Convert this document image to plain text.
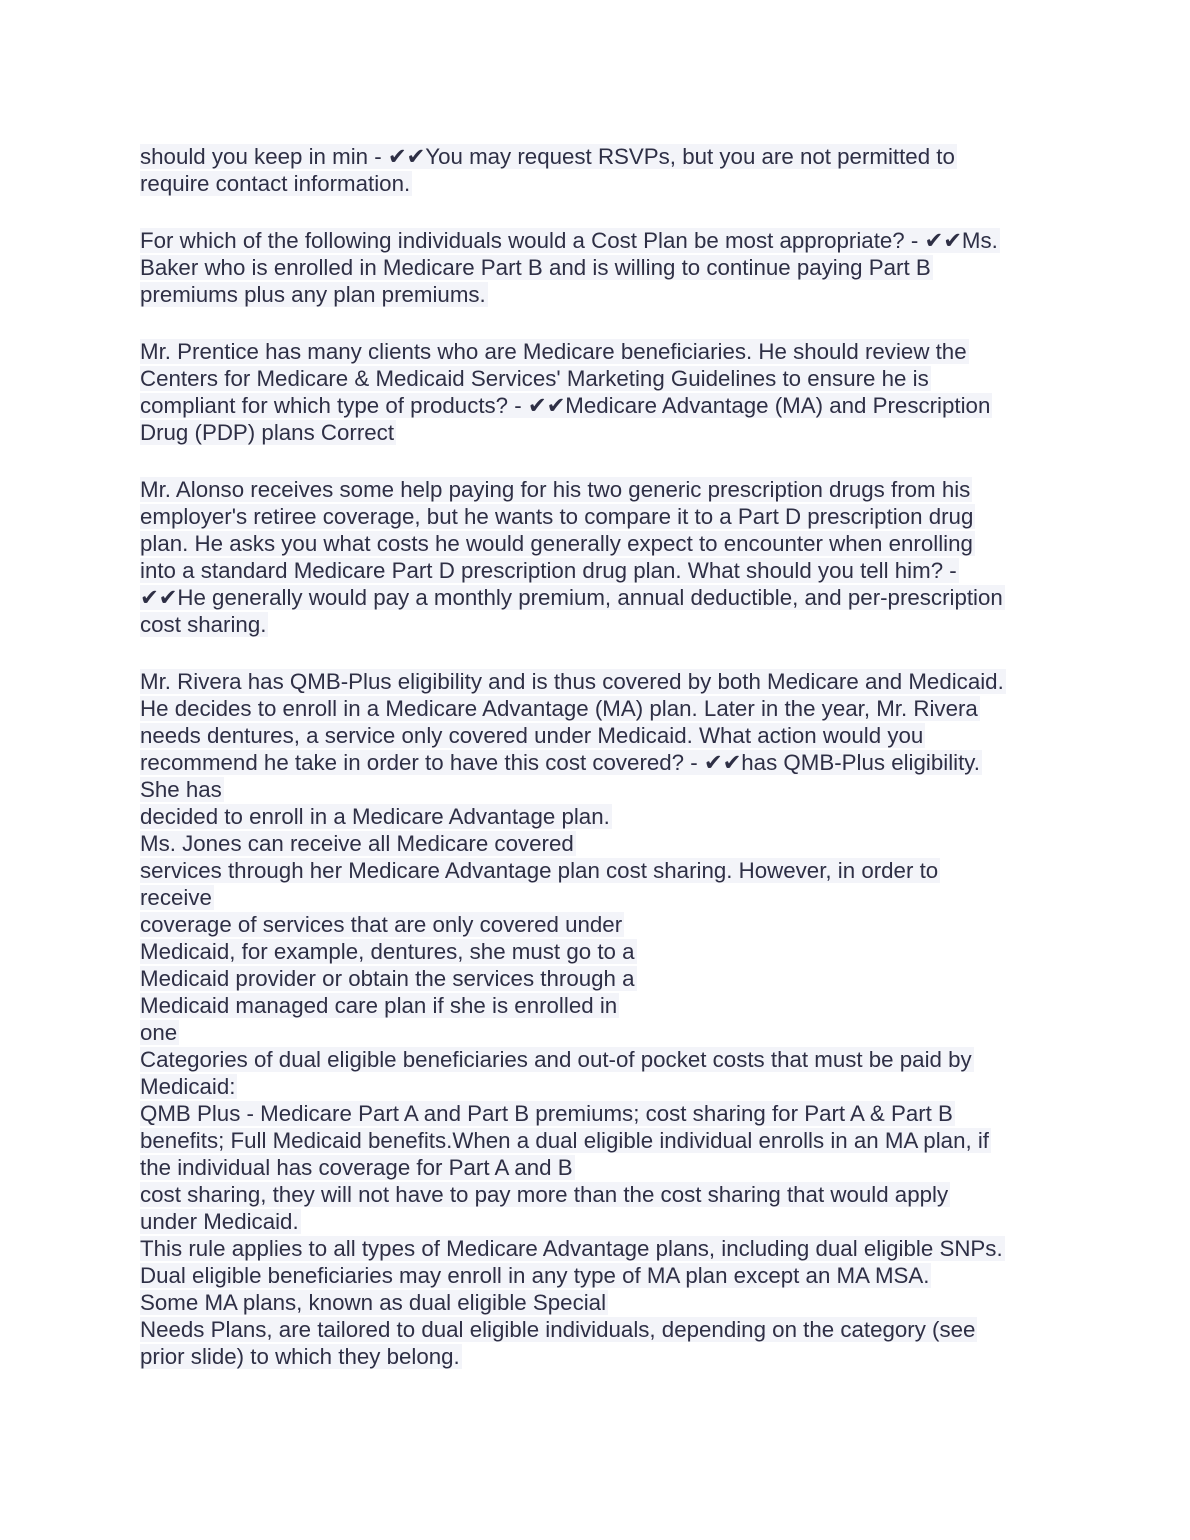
should you keep in min - ✔✔You may request RSVPs, but you are not permitted to
require contact information.
For which of the following individuals would a Cost Plan be most appropriate? - ✔✔Ms.
Baker who is enrolled in Medicare Part B and is willing to continue paying Part B
premiums plus any plan premiums.
Mr. Prentice has many clients who are Medicare beneficiaries. He should review the
Centers for Medicare & Medicaid Services' Marketing Guidelines to ensure he is
compliant for which type of products? - ✔✔Medicare Advantage (MA) and Prescription
Drug (PDP) plans Correct
Mr. Alonso receives some help paying for his two generic prescription drugs from his
employer's retiree coverage, but he wants to compare it to a Part D prescription drug
plan. He asks you what costs he would generally expect to encounter when enrolling
into a standard Medicare Part D prescription drug plan. What should you tell him? -
✔✔He generally would pay a monthly premium, annual deductible, and per-prescription
cost sharing.
Mr. Rivera has QMB-Plus eligibility and is thus covered by both Medicare and Medicaid.
He decides to enroll in a Medicare Advantage (MA) plan. Later in the year, Mr. Rivera
needs dentures, a service only covered under Medicaid. What action would you
recommend he take in order to have this cost covered? - ✔✔has QMB-Plus eligibility.
She has
decided to enroll in a Medicare Advantage plan.
Ms. Jones can receive all Medicare covered
services through her Medicare Advantage plan cost sharing. However, in order to
receive
coverage of services that are only covered under
Medicaid, for example, dentures, she must go to a
Medicaid provider or obtain the services through a
Medicaid managed care plan if she is enrolled in
one
Categories of dual eligible beneficiaries and out-of pocket costs that must be paid by
Medicaid:
QMB Plus - Medicare Part A and Part B premiums; cost sharing for Part A & Part B
benefits; Full Medicaid benefits.When a dual eligible individual enrolls in an MA plan, if
the individual has coverage for Part A and B
cost sharing, they will not have to pay more than the cost sharing that would apply
under Medicaid.
This rule applies to all types of Medicare Advantage plans, including dual eligible SNPs.
Dual eligible beneficiaries may enroll in any type of MA plan except an MA MSA.
Some MA plans, known as dual eligible Special
Needs Plans, are tailored to dual eligible individuals, depending on the category (see
prior slide) to which they belong.
